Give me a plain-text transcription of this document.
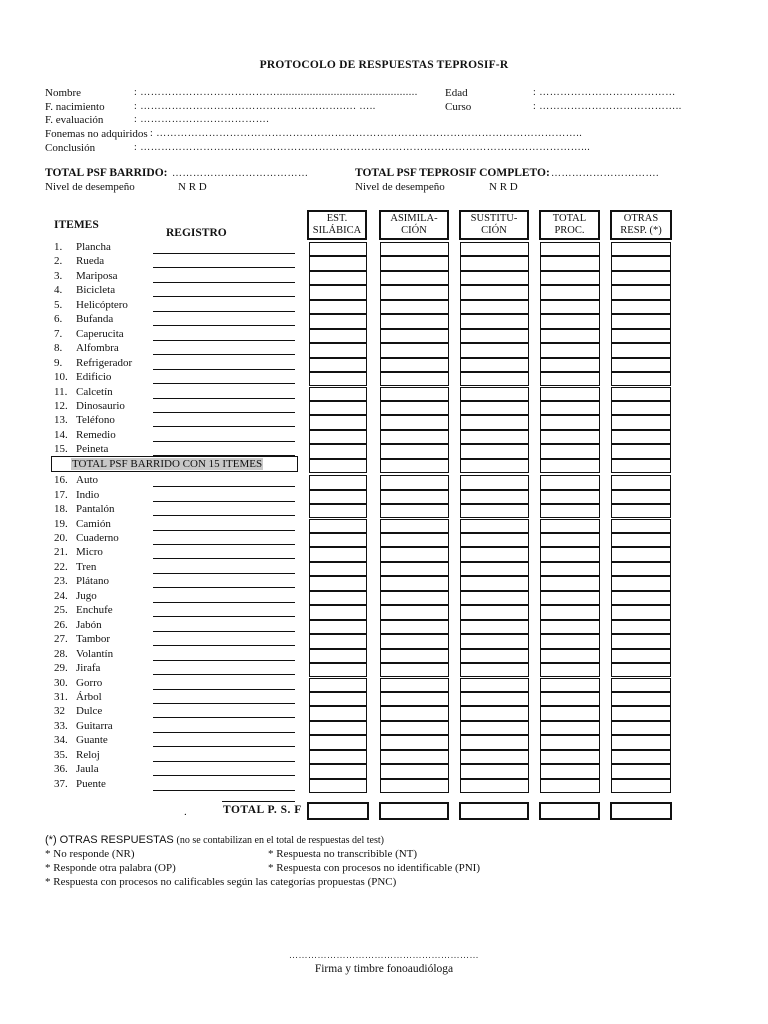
PROTOCOLO DE RESPUESTAS TEPROSIF-R
Nombre	: …………………………………...............................................
F. nacimiento	: ………………………………………………….…. …..
F. evaluación	: ……………………………….
Fonemas no adquiridos : …………………………………………………………………………………………………………..
Conclusión	: ………………………………………………………………………………………………………………...
Edad	: …………………………………
Curso	: …………………………………..
TOTAL PSF BARRIDO: …………………………………
Nivel de desempeño	N R D
TOTAL PSF TEPROSIF COMPLETO: ………………………….
Nivel de desempeño	N R D
ITEMES
REGISTRO
EST.
SILÁBICA
ASIMILA-
CIÓN
SUSTITU-
CIÓN
TOTAL
PROC.
OTRAS
RESP. (*)
1. Plancha
2. Rueda
3. Mariposa
4. Bicicleta
5. Helicóptero
6. Bufanda
7. Caperucita
8. Alfombra
9. Refrigerador
10. Edificio
11. Calcetín
12. Dinosaurio
13. Teléfono
14. Remedio
15. Peineta
16. Auto
17. Indio
18. Pantalón
19. Camión
20. Cuaderno
21. Micro
22. Tren
23. Plátano
24. Jugo
25. Enchufe
26. Jabón
27. Tambor
28. Volantín
29. Jirafa
30. Gorro
31. Árbol
32 Dulce
33. Guitarra
34. Guante
35. Reloj
36. Jaula
37. Puente
TOTAL PSF BARRIDO CON 15 ITEMES
.	TOTAL P. S. F
(*) OTRAS RESPUESTAS (no se contabilizan en el total de respuestas del test)
* No responde (NR)	* Respuesta no transcribible (NT)
* Responde otra palabra (OP)	* Respuesta con procesos no identificable (PNI)
* Respuesta con procesos no calificables según las categorías propuestas (PNC)
……………………………………………………
Firma y timbre fonoaudióloga
